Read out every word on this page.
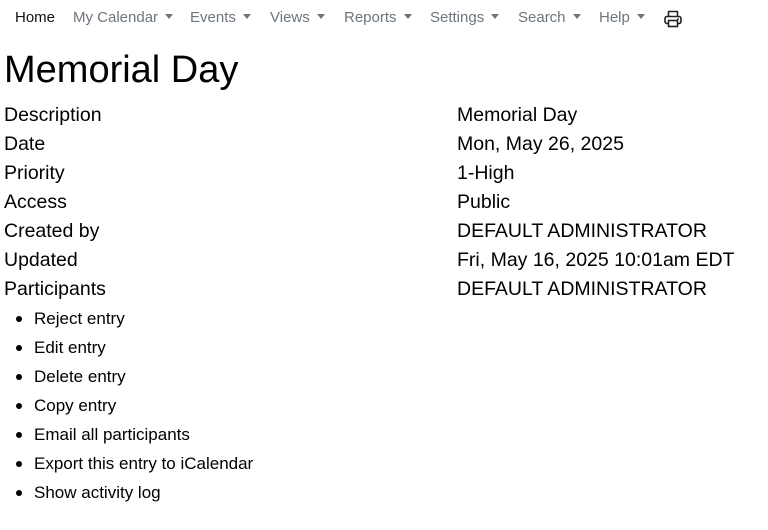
Home My Calendar	Events	Views	Reports	Settings	Search	Help
Memorial Day
Description	Memorial Day
Date	Mon, May 26, 2025
Priority	1-High
Access	Public
Created by	DEFAULT ADMINISTRATOR
Updated	Fri, May 16, 2025 10:01am EDT
Participants	DEFAULT ADMINISTRATOR
Reject entry
Edit entry
Delete entry
Copy entry
Email all participants
Export this entry to iCalendar
Show activity log
